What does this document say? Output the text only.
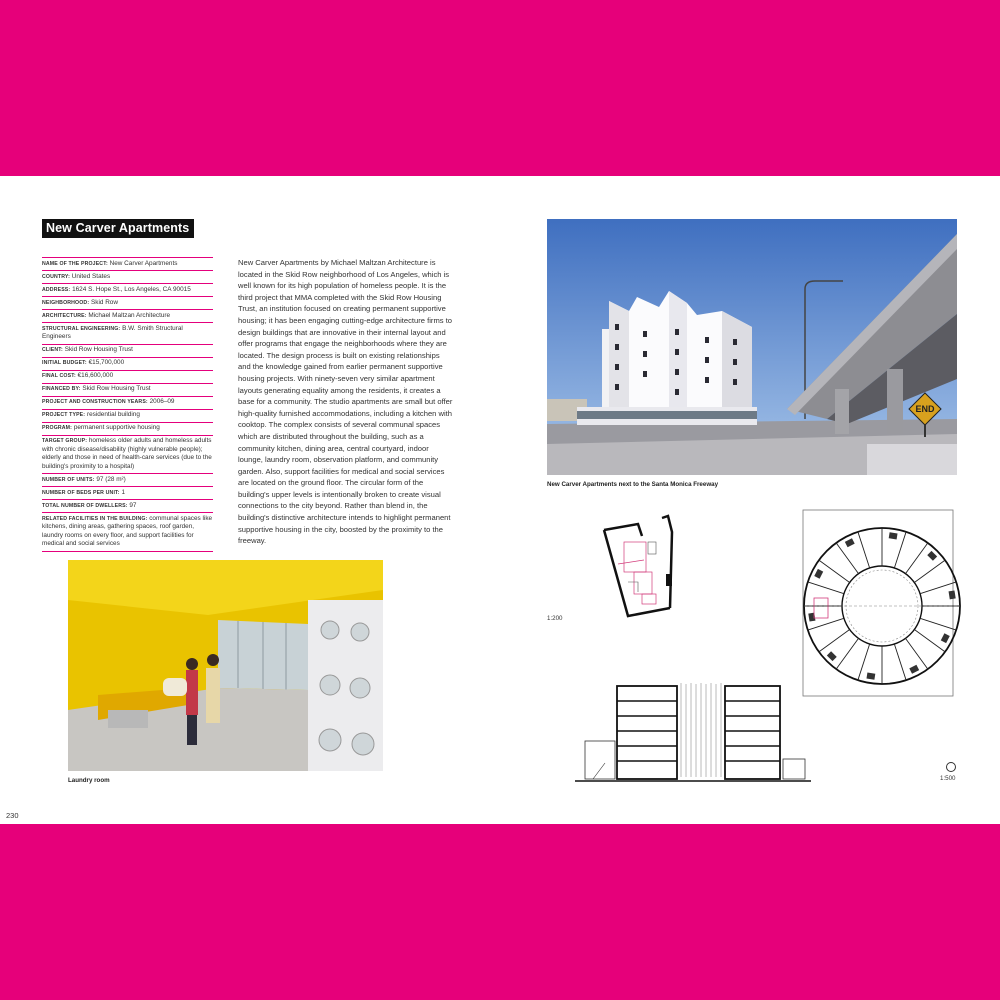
New Carver Apartments
NAME OF THE PROJECT: New Carver Apartments
COUNTRY: United States
ADDRESS: 1624 S. Hope St., Los Angeles, CA 90015
NEIGHBORHOOD: Skid Row
ARCHITECTURE: Michael Maltzan Architecture
STRUCTURAL ENGINEERING: B.W. Smith Structural Engineers
CLIENT: Skid Row Housing Trust
INITIAL BUDGET: €15,700,000
FINAL COST: €16,600,000
FINANCED BY: Skid Row Housing Trust
PROJECT AND CONSTRUCTION YEARS: 2006–09
PROJECT TYPE: residential building
PROGRAM: permanent supportive housing
TARGET GROUP: homeless older adults and homeless adults with chronic disease/disability (highly vulnerable people); elderly and those in need of health-care services (due to the building's proximity to a hospital)
NUMBER OF UNITS: 97 (28 m²)
NUMBER OF BEDS PER UNIT: 1
TOTAL NUMBER OF DWELLERS: 97
RELATED FACILITIES IN THE BUILDING: communal spaces like kitchens, dining areas, gathering spaces, roof garden, laundry rooms on every floor, and support facilities for medical and social services
New Carver Apartments by Michael Maltzan Architecture is located in the Skid Row neighborhood of Los Angeles, which is well known for its high population of homeless people. It is the third project that MMA completed with the Skid Row Housing Trust, an institution focused on creating permanent supportive housing; it has been engaging cutting-edge architecture firms to design buildings that are innovative in their internal layout and offer programs that engage the neighborhoods where they are located. The design process is built on existing relationships and the knowledge gained from earlier permanent supportive housing projects. With ninety-seven very similar apartment layouts generating equality among the residents, it creates a base for a community. The studio apartments are small but offer high-quality furnished accommodations, including a kitchen with cooktop. The complex consists of several communal spaces which are distributed throughout the building, such as a community kitchen, dining area, central courtyard, indoor lounge, laundry room, observation platform, and community garden. Also, support facilities for medical and social services are located on the ground floor. The circular form of the building's upper levels is intentionally broken to create visual connections to the city beyond. Rather than blend in, the building's distinctive architecture intends to highlight permanent supportive housing in the city, boosted by the proximity to the freeway.
END
New Carver Apartments next to the Santa Monica Freeway
1:200
1:500
Laundry room
230
